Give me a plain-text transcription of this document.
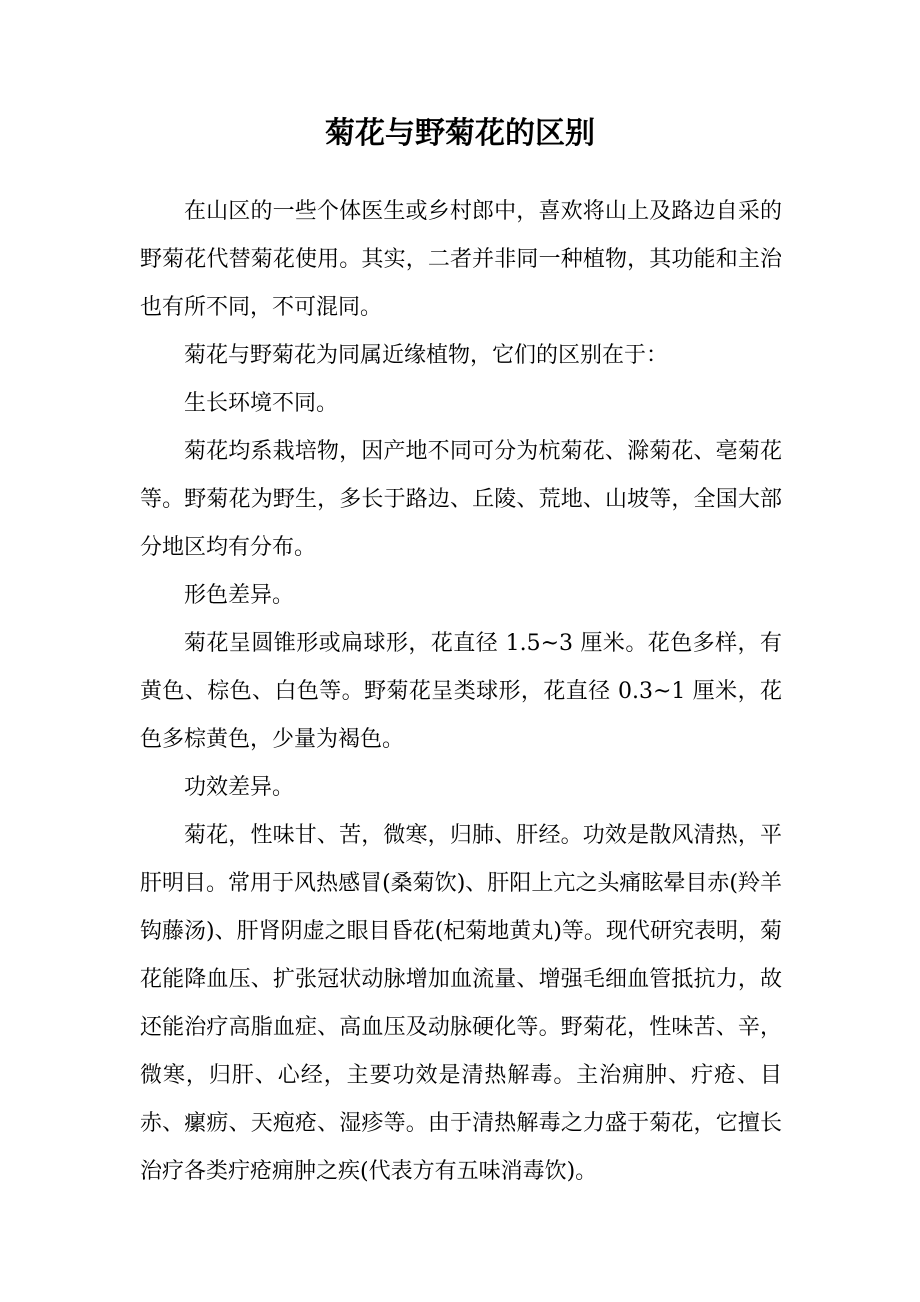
菊花与野菊花的区别

在山区的一些个体医生或乡村郎中，喜欢将山上及路边自采的野菊花代替菊花使用。其实，二者并非同一种植物，其功能和主治也有所不同，不可混同。

菊花与野菊花为同属近缘植物，它们的区别在于：

生长环境不同。

菊花均系栽培物，因产地不同可分为杭菊花、滁菊花、亳菊花等。野菊花为野生，多长于路边、丘陵、荒地、山坡等，全国大部分地区均有分布。

形色差异。

菊花呈圆锥形或扁球形，花直径 1.5~3 厘米。花色多样，有黄色、棕色、白色等。野菊花呈类球形，花直径 0.3~1 厘米，花色多棕黄色，少量为褐色。

功效差异。

菊花，性味甘、苦，微寒，归肺、肝经。功效是散风清热，平肝明目。常用于风热感冒(桑菊饮)、肝阳上亢之头痛眩晕目赤(羚羊钩藤汤)、肝肾阴虚之眼目昏花(杞菊地黄丸)等。现代研究表明，菊花能降血压、扩张冠状动脉增加血流量、增强毛细血管抵抗力，故还能治疗高脂血症、高血压及动脉硬化等。野菊花，性味苦、辛，微寒，归肝、心经，主要功效是清热解毒。主治痈肿、疔疮、目赤、瘰疬、天疱疮、湿疹等。由于清热解毒之力盛于菊花，它擅长治疗各类疔疮痈肿之疾(代表方有五味消毒饮)。
